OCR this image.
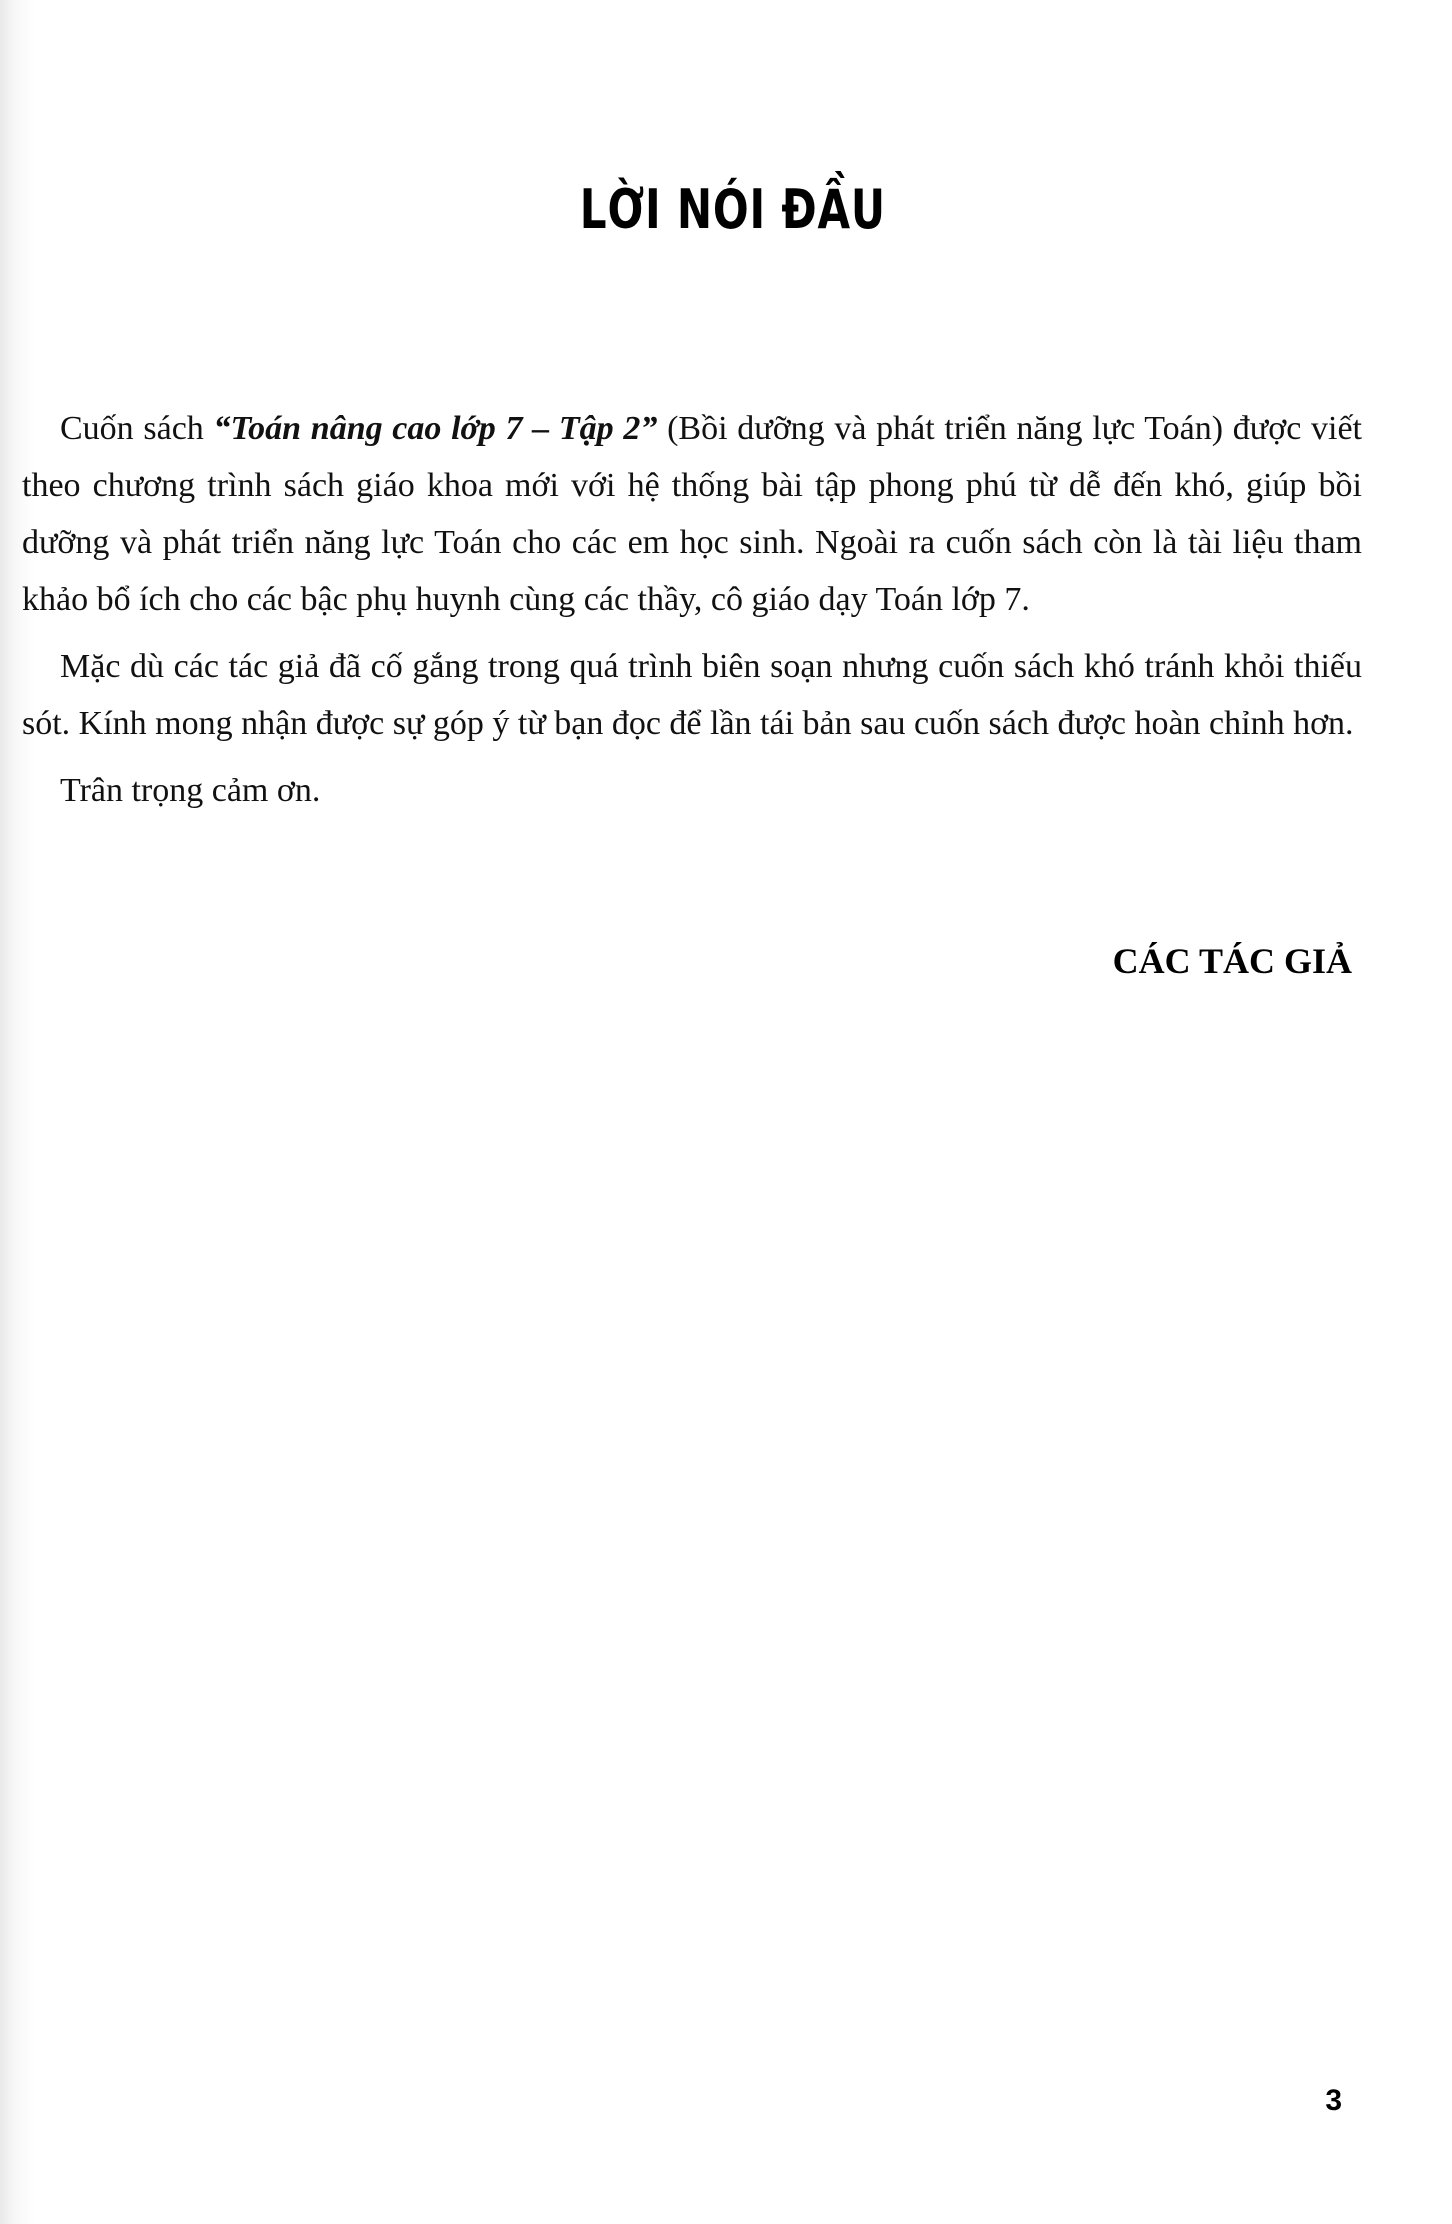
LỜI NÓI ĐẦU

Cuốn sách “Toán nâng cao lớp 7 – Tập 2” (Bồi dưỡng và phát triển năng lực Toán) được viết theo chương trình sách giáo khoa mới với hệ thống bài tập phong phú từ dễ đến khó, giúp bồi dưỡng và phát triển năng lực Toán cho các em học sinh. Ngoài ra cuốn sách còn là tài liệu tham khảo bổ ích cho các bậc phụ huynh cùng các thầy, cô giáo dạy Toán lớp 7.

Mặc dù các tác giả đã cố gắng trong quá trình biên soạn nhưng cuốn sách khó tránh khỏi thiếu sót. Kính mong nhận được sự góp ý từ bạn đọc để lần tái bản sau cuốn sách được hoàn chỉnh hơn.

Trân trọng cảm ơn.

CÁC TÁC GIẢ
3
